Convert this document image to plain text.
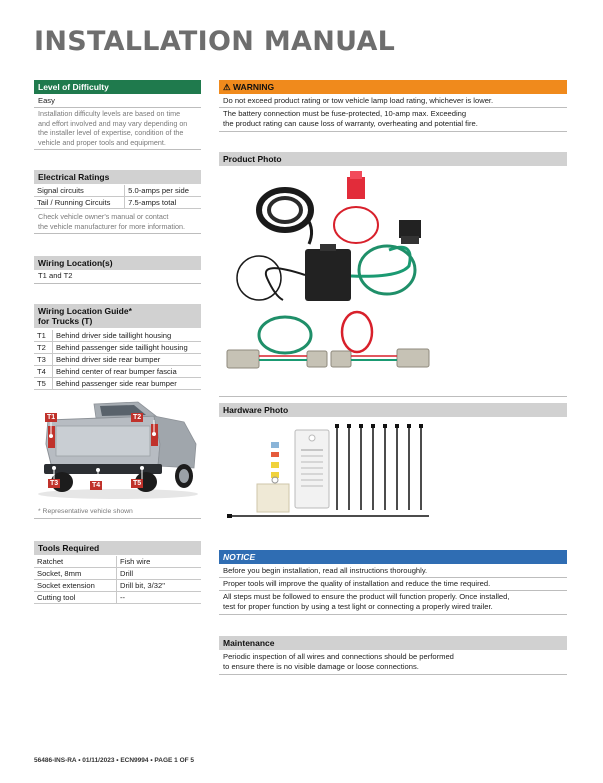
INSTALLATION MANUAL
Level of Difficulty
Easy
Installation difficulty levels are based on time
and effort involved and may vary depending on
the installer level of expertise, condition of the
vehicle and proper tools and equipment.
Electrical Ratings
Signal circuits	5.0-amps per side
Tail / Running Circuits	7.5-amps total
Check vehicle owner's manual or contact
the vehicle manufacturer for more information.
Wiring Location(s)
T1 and T2
Wiring Location Guide*
for Trucks (T)
T1	Behind driver side taillight housing
T2	Behind passenger side taillight housing
T3	Behind driver side rear bumper
T4	Behind center of rear bumper fascia
T5	Behind passenger side rear bumper
T1	T2
T3	T4	T5
* Representative vehicle shown
Tools Required
Ratchet	Fish wire
Socket, 8mm	Drill
Socket extension	Drill bit, 3/32"
Cutting tool	--
⚠ WARNING
Do not exceed product rating or tow vehicle lamp load rating, whichever is lower.
The battery connection must be fuse-protected, 10-amp max. Exceeding
the product rating can cause loss of warranty, overheating and potential fire.
Product Photo
Hardware Photo
NOTICE
Before you begin installation, read all instructions thoroughly.
Proper tools will improve the quality of installation and reduce the time required.
All steps must be followed to ensure the product will function properly. Once installed,
test for proper function by using a test light or connecting a properly wired trailer.
Maintenance
Periodic inspection of all wires and connections should be performed
to ensure there is no visible damage or loose connections.
56486-INS-RA • 01/11/2023 • ECN9994 • PAGE 1 OF 5
